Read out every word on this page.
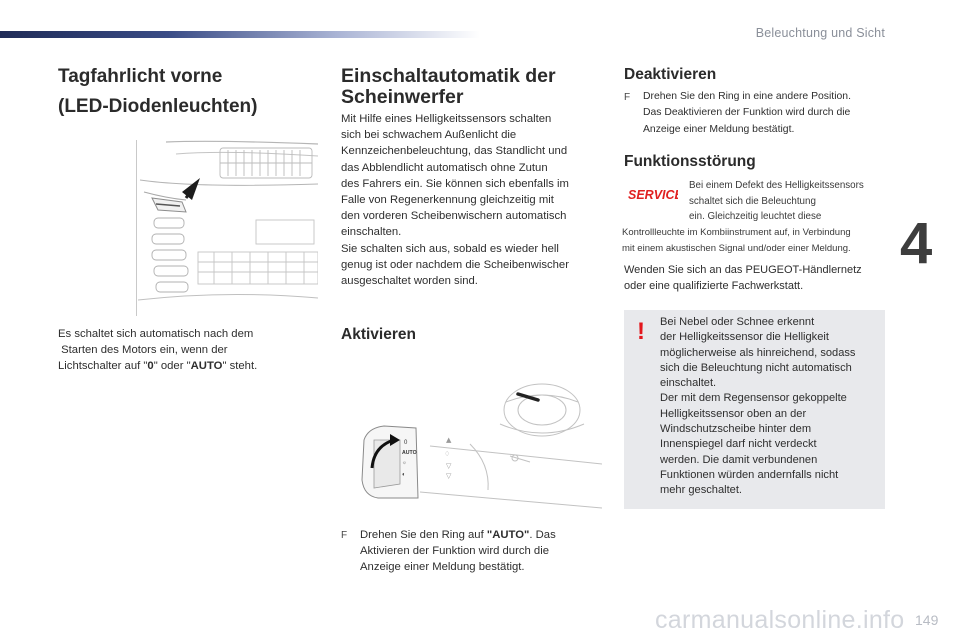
Beleuchtung und Sicht
4
149
carmanualsonline.info
Tagfahrlicht vorne
(LED-Diodenleuchten)
Es schaltet sich automatisch nach dem
Starten des Motors ein, wenn der
Lichtschalter auf "0" oder "AUTO" steht.
Einschaltautomatik der
Scheinwerfer
Mit Hilfe eines Helligkeitssensors schalten
sich bei schwachem Außenlicht die
Kennzeichenbeleuchtung, das Standlicht und
das Abblendlicht automatisch ohne Zutun
des Fahrers ein. Sie können sich ebenfalls im
Falle von Regenerkennung gleichzeitig mit
den vorderen Scheibenwischern automatisch
einschalten.
Sie schalten sich aus, sobald es wieder hell
genug ist oder nachdem die Scheibenwischer
ausgeschaltet worden sind.
Aktivieren
0
AUTO
☼
◐
▲
♢
▽
▽
F	Drehen Sie den Ring auf "AUTO". Das
Aktivieren der Funktion wird durch die
Anzeige einer Meldung bestätigt.
Deaktivieren
F	Drehen Sie den Ring in eine andere Position.
Das Deaktivieren der Funktion wird durch die
Anzeige einer Meldung bestätigt.
Funktionsstörung
SERVICE
Bei einem Defekt des Helligkeitssensors
schaltet sich die Beleuchtung
ein. Gleichzeitig leuchtet diese
Kontrollleuchte im Kombiinstrument auf, in Verbindung
mit einem akustischen Signal und/oder einer Meldung.
Wenden Sie sich an das PEUGEOT-Händlernetz
oder eine qualifizierte Fachwerkstatt.
! Bei Nebel oder Schnee erkennt
der Helligkeitssensor die Helligkeit
möglicherweise als hinreichend, sodass
sich die Beleuchtung nicht automatisch
einschaltet.
Der mit dem Regensensor gekoppelte
Helligkeitssensor oben an der
Windschutzscheibe hinter dem
Innenspiegel darf nicht verdeckt
werden. Die damit verbundenen
Funktionen würden andernfalls nicht
mehr geschaltet.
